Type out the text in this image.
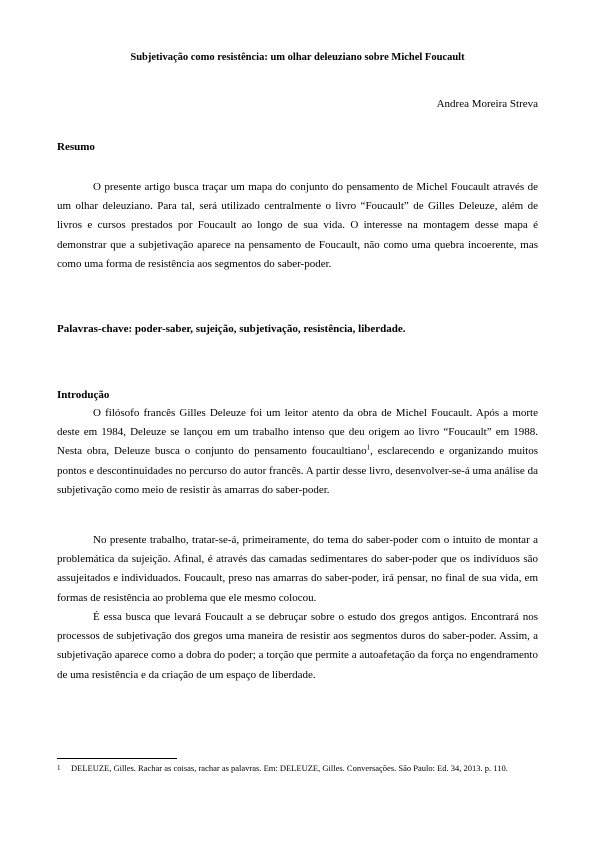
Subjetivação como resistência: um olhar deleuziano sobre Michel Foucault
Andrea Moreira Streva
Resumo

O presente artigo busca traçar um mapa do conjunto do pensamento de Michel Foucault através de um olhar deleuziano. Para tal, será utilizado centralmente o livro “Foucault” de Gilles Deleuze, além de livros e cursos prestados por Foucault ao longo de sua vida. O interesse na montagem desse mapa é demonstrar que a subjetivação aparece na pensamento de Foucault, não como uma quebra incoerente, mas como uma forma de resistência aos segmentos do saber-poder.

Palavras-chave: poder-saber, sujeição, subjetivação, resistência, liberdade.
Introdução

O filósofo francês Gilles Deleuze foi um leitor atento da obra de Michel Foucault. Após a morte deste em 1984, Deleuze se lançou em um trabalho intenso que deu origem ao livro “Foucault” em 1988. Nesta obra, Deleuze busca o conjunto do pensamento foucaultiano$^1$, esclarecendo e organizando muitos pontos e descontinuidades no percurso do autor francês. A partir desse livro, desenvolver-se-á uma análise da subjetivação como meio de resistir às amarras do saber-poder.

No presente trabalho, tratar-se-á, primeiramente, do tema do saber-poder com o intuito de montar a problemática da sujeição. Afinal, é através das camadas sedimentares do saber-poder que os indivíduos são assujeitados e individuados. Foucault, preso nas amarras do saber-poder, irá pensar, no final de sua vida, em formas de resistência ao problema que ele mesmo colocou.

É essa busca que levará Foucault a se debruçar sobre o estudo dos gregos antigos. Encontrará nos processos de subjetivação dos gregos uma maneira de resistir aos segmentos duros do saber-poder. Assim, a subjetivação aparece como a dobra do poder; a torção que permite a autoafetação da força no engendramento de uma resistência e da criação de um espaço de liberdade.

1 DELEUZE, Gilles. Rachar as coisas, rachar as palavras. Em: DELEUZE, Gilles. Conversações. São Paulo: Ed. 34, 2013. p. 110.
